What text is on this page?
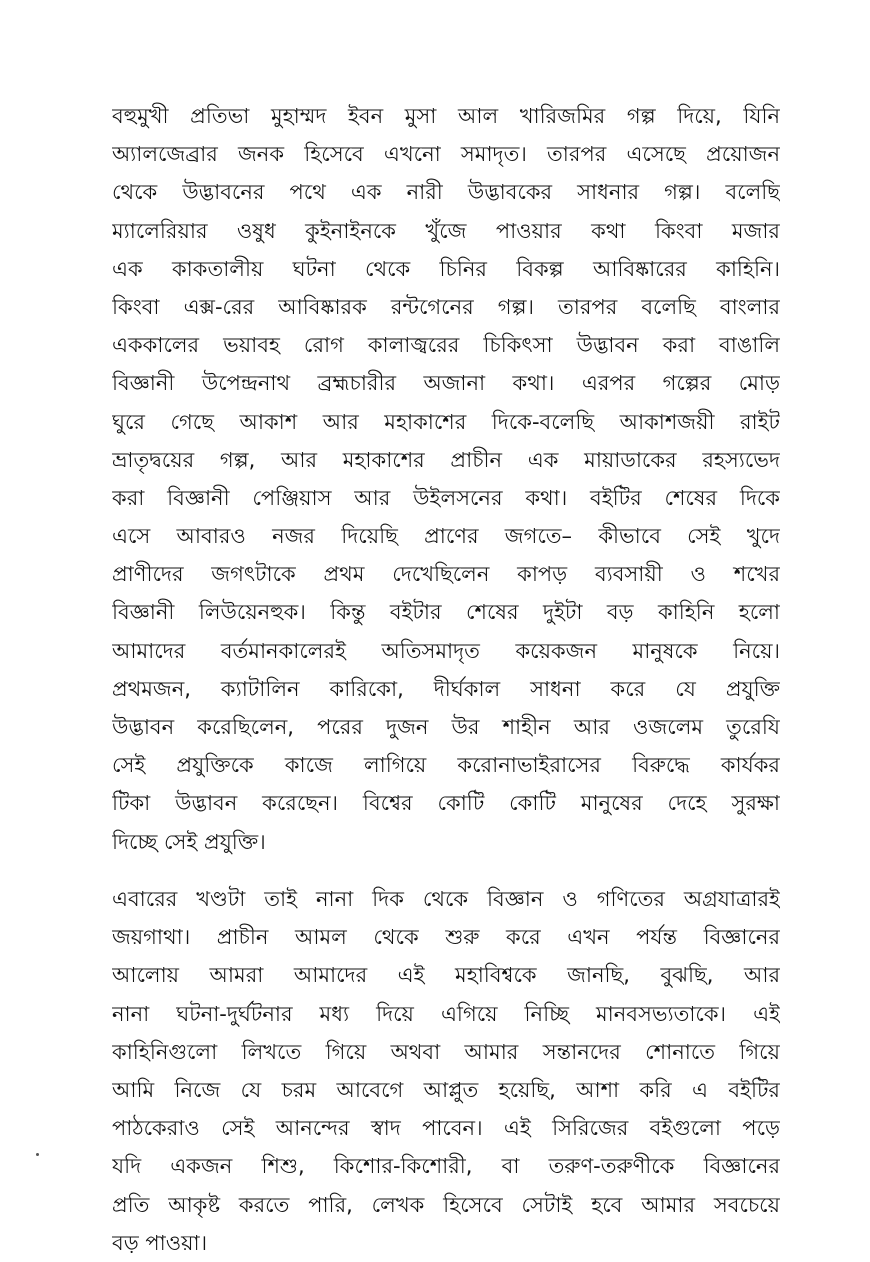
বহুমুখী প্রতিভা মুহাম্মদ ইবন মুসা আল খারিজমির গল্প দিয়ে, যিনি
অ্যালজেব্রার জনক হিসেবে এখনো সমাদৃত। তারপর এসেছে প্রয়োজন
থেকে উদ্ভাবনের পথে এক নারী উদ্ভাবকের সাধনার গল্প। বলেছি
ম্যালেরিয়ার ওষুধ কুইনাইনকে খুঁজে পাওয়ার কথা কিংবা মজার
এক কাকতালীয় ঘটনা থেকে চিনির বিকল্প আবিষ্কারের কাহিনি।
কিংবা এক্স-রের আবিষ্কারক রন্টগেনের গল্প। তারপর বলেছি বাংলার
এককালের ভয়াবহ রোগ কালাজ্বরের চিকিৎসা উদ্ভাবন করা বাঙালি
বিজ্ঞানী উপেন্দ্রনাথ ব্রহ্মচারীর অজানা কথা। এরপর গল্পের মোড়
ঘুরে গেছে আকাশ আর মহাকাশের দিকে-বলেছি আকাশজয়ী রাইট
ভ্রাতৃদ্বয়ের গল্প, আর মহাকাশের প্রাচীন এক মায়াডাকের রহস্যভেদ
করা বিজ্ঞানী পেঞ্জিয়াস আর উইলসনের কথা। বইটির শেষের দিকে
এসে আবারও নজর দিয়েছি প্রাণের জগতে– কীভাবে সেই খুদে
প্রাণীদের জগৎটাকে প্রথম দেখেছিলেন কাপড় ব্যবসায়ী ও শখের
বিজ্ঞানী লিউয়েনহুক। কিন্তু বইটার শেষের দুইটা বড় কাহিনি হলো
আমাদের বর্তমানকালেরই অতিসমাদৃত কয়েকজন মানুষকে নিয়ে।
প্রথমজন, ক্যাটালিন কারিকো, দীর্ঘকাল সাধনা করে যে প্রযুক্তি
উদ্ভাবন করেছিলেন, পরের দুজন উর শাহীন আর ওজলেম তুরেযি
সেই প্রযুক্তিকে কাজে লাগিয়ে করোনাভাইরাসের বিরুদ্ধে কার্যকর
টিকা উদ্ভাবন করেছেন। বিশ্বের কোটি কোটি মানুষের দেহে সুরক্ষা
দিচ্ছে সেই প্রযুক্তি।
এবারের খণ্ডটা তাই নানা দিক থেকে বিজ্ঞান ও গণিতের অগ্রযাত্রারই
জয়গাথা। প্রাচীন আমল থেকে শুরু করে এখন পর্যন্ত বিজ্ঞানের
আলোয় আমরা আমাদের এই মহাবিশ্বকে জানছি, বুঝছি, আর
নানা ঘটনা-দুর্ঘটনার মধ্য দিয়ে এগিয়ে নিচ্ছি মানবসভ্যতাকে। এই
কাহিনিগুলো লিখতে গিয়ে অথবা আমার সন্তানদের শোনাতে গিয়ে
আমি নিজে যে চরম আবেগে আপ্লুত হয়েছি, আশা করি এ বইটির
পাঠকেরাও সেই আনন্দের স্বাদ পাবেন। এই সিরিজের বইগুলো পড়ে
যদি একজন শিশু, কিশোর-কিশোরী, বা তরুণ-তরুণীকে বিজ্ঞানের
প্রতি আকৃষ্ট করতে পারি, লেখক হিসেবে সেটাই হবে আমার সবচেয়ে
বড় পাওয়া।
